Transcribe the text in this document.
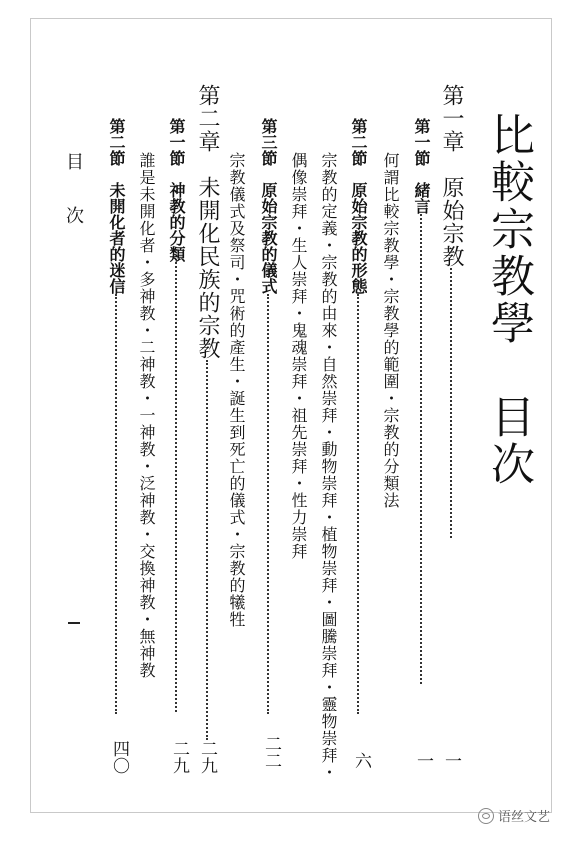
比較宗教學　目次
第一章　原始宗教
一
第一節　緒言
一
何謂比較宗教學・宗教學的範圍・宗教的分類法
第二節　原始宗教的形態
六
宗教的定義・宗教的由來・自然崇拜・動物崇拜・植物崇拜・圖騰崇拜・靈物崇拜・
偶像崇拜・生人崇拜・鬼魂崇拜・祖先崇拜・性力崇拜
第三節　原始宗教的儀式
二二
宗教儀式及祭司・咒術的產生・誕生到死亡的儀式・宗教的犧牲
第二章　未開化民族的宗教
二九
第一節　神教的分類
二九
誰是未開化者・多神教・二神教・一神教・泛神教・交換神教・無神教
第二節　未開化者的迷信
四〇
目　　次
语丝文艺
